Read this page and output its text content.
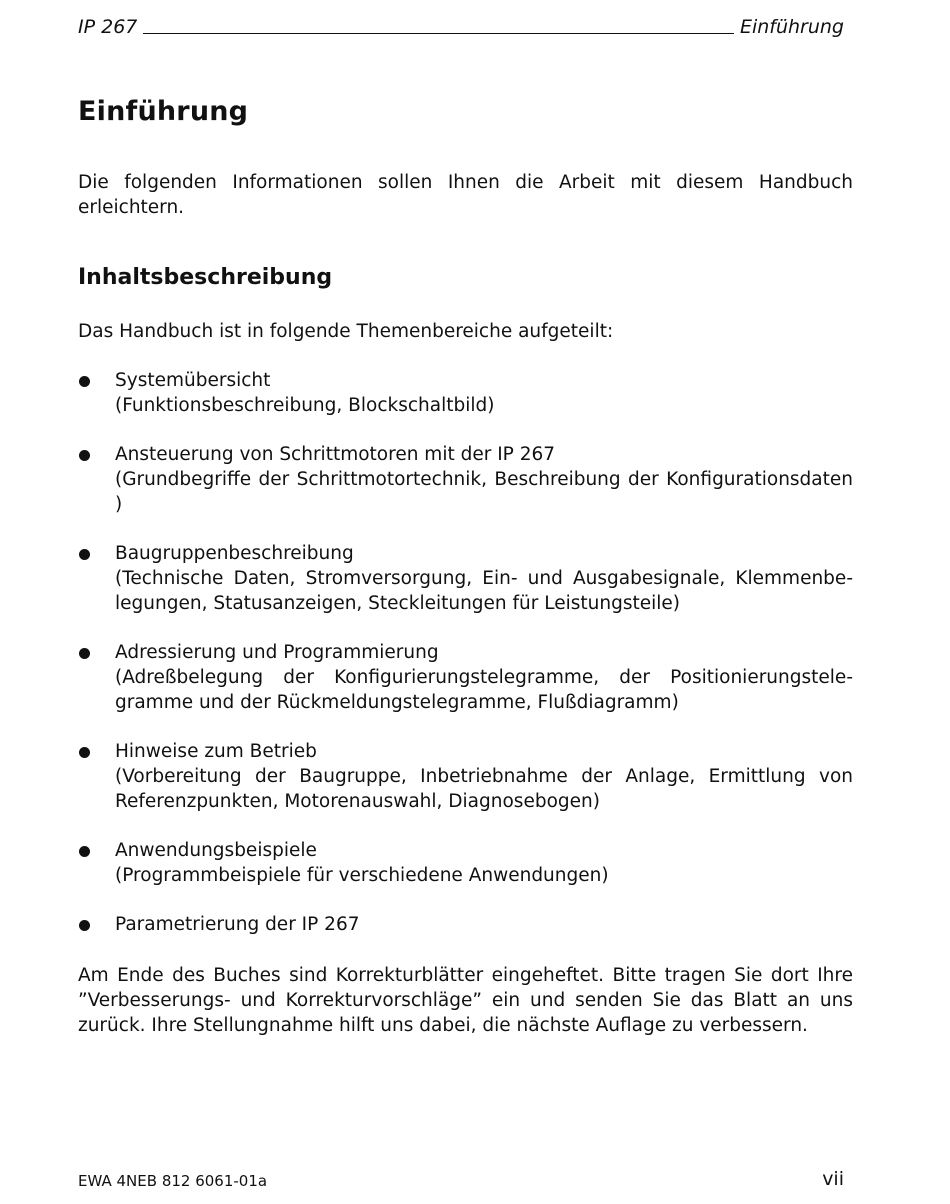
IP 267	Einführung
Einführung

Die folgenden Informationen sollen Ihnen die Arbeit mit diesem Handbuch erleichtern.

Inhaltsbeschreibung

Das Handbuch ist in folgende Themenbereiche aufgeteilt:

Systemübersicht
(Funktionsbeschreibung, Blockschaltbild)
Ansteuerung von Schrittmotoren mit der IP 267
(Grundbegriffe der Schrittmotortechnik, Beschreibung der Konfigurationsdaten )
Baugruppenbeschreibung
(Technische Daten, Stromversorgung, Ein- und Ausgabesignale, Klemmenbelegungen, Statusanzeigen, Steckleitungen für Leistungsteile)
Adressierung und Programmierung
(Adreßbelegung der Konfigurierungstelegramme, der Positionierungstelegramme und der Rückmeldungstelegramme, Flußdiagramm)
Hinweise zum Betrieb
(Vorbereitung der Baugruppe, Inbetriebnahme der Anlage, Ermittlung von Referenzpunkten, Motorenauswahl, Diagnosebogen)
Anwendungsbeispiele
(Programmbeispiele für verschiedene Anwendungen)
Parametrierung der IP 267

Am Ende des Buches sind Korrekturblätter eingeheftet. Bitte tragen Sie dort Ihre ”Verbesserungs- und Korrekturvorschläge” ein und senden Sie das Blatt an uns zurück. Ihre Stellungnahme hilft uns dabei, die nächste Auflage zu verbessern.

EWA 4NEB 812 6061-01a	vii
